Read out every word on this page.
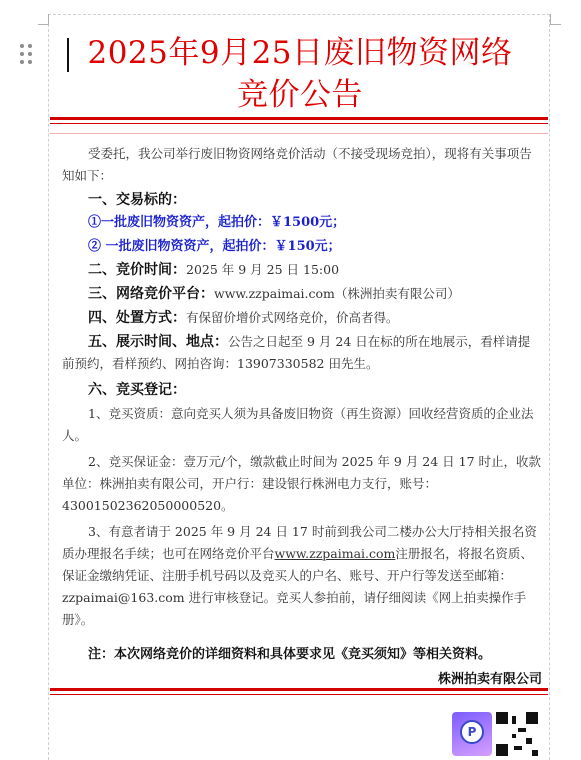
2025年9月25日废旧物资网络
竞价公告
受委托，我公司举行废旧物资网络竞价活动（不接受现场竞拍），现将有关事项告知如下：
一、交易标的：
①一批废旧物资资产，起拍价：￥1500元；
② 一批废旧物资资产，起拍价：￥150元；
二、竞价时间：2025 年 9 月 25 日 15:00
三、网络竞价平台：www.zzpaimai.com（株洲拍卖有限公司）
四、处置方式：有保留价增价式网络竞价，价高者得。
五、展示时间、地点：公告之日起至 9 月 24 日在标的所在地展示，看样请提前预约，看样预约、网拍咨询：13907330582 田先生。
六、竞买登记：
1、竞买资质：意向竞买人须为具备废旧物资（再生资源）回收经营资质的企业法人。
2、竞买保证金：壹万元/个，缴款截止时间为 2025 年 9 月 24 日 17 时止，收款单位：株洲拍卖有限公司，开户行：建设银行株洲电力支行，账号：43001502362050000520。
3、有意者请于 2025 年 9 月 24 日 17 时前到我公司二楼办公大厅持相关报名资质办理报名手续；也可在网络竞价平台www.zzpaimai.com注册报名，将报名资质、保证金缴纳凭证、注册手机号码以及竞买人的户名、账号、开户行等发送至邮箱：zzpaimai@163.com 进行审核登记。竞买人参拍前，请仔细阅读《网上拍卖操作手册》。
注：本次网络竞价的详细资料和具体要求见《竞买须知》等相关资料。
株洲拍卖有限公司
P
